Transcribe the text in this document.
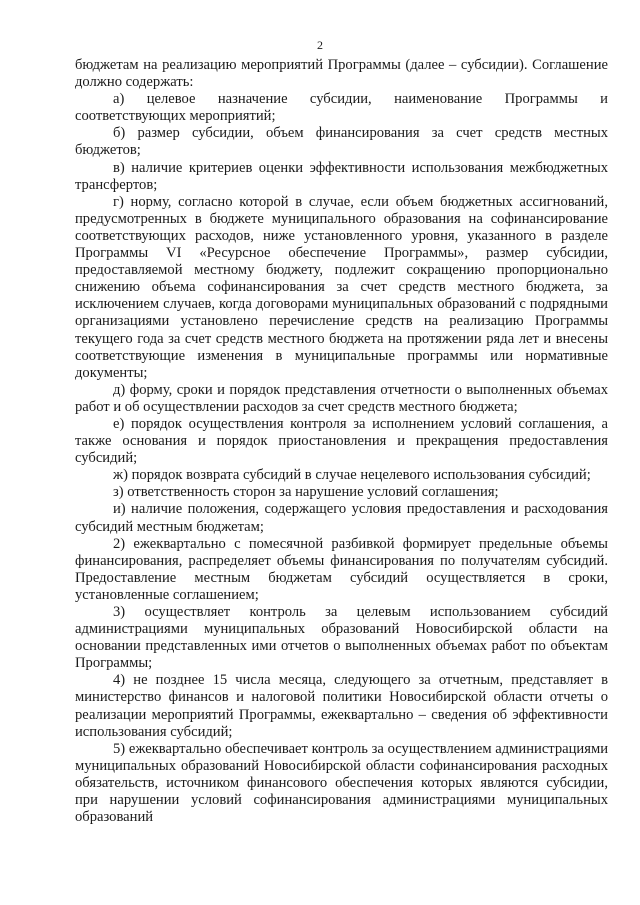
2

бюджетам на реализацию мероприятий Программы (далее – субсидии). Соглашение должно содержать:

а) целевое назначение субсидии, наименование Программы и соответствующих мероприятий;

б) размер субсидии, объем финансирования за счет средств местных бюджетов;

в) наличие критериев оценки эффективности использования межбюджетных трансфертов;

г) норму, согласно которой в случае, если объем бюджетных ассигнований, предусмотренных в бюджете муниципального образования на софинансирование соответствующих расходов, ниже установленного уровня, указанного в разделе Программы VI «Ресурсное обеспечение Программы», размер субсидии, предоставляемой местному бюджету, подлежит сокращению пропорционально снижению объема софинансирования за счет средств местного бюджета, за исключением случаев, когда договорами муниципальных образований с подрядными организациями установлено перечисление средств на реализацию Программы текущего года за счет средств местного бюджета на протяжении ряда лет и внесены соответствующие изменения в муниципальные программы или нормативные документы;

д) форму, сроки и порядок представления отчетности о выполненных объемах работ и об осуществлении расходов за счет средств местного бюджета;

е) порядок осуществления контроля за исполнением условий соглашения, а также основания и порядок приостановления и прекращения предоставления субсидий;

ж) порядок возврата субсидий в случае нецелевого использования субсидий;

з) ответственность сторон за нарушение условий соглашения;

и) наличие положения, содержащего условия предоставления и расходования субсидий местным бюджетам;

2) ежеквартально с помесячной разбивкой формирует предельные объемы финансирования, распределяет объемы финансирования по получателям субсидий. Предоставление местным бюджетам субсидий осуществляется в сроки, установленные соглашением;

3) осуществляет контроль за целевым использованием субсидий администрациями муниципальных образований Новосибирской области на основании представленных ими отчетов о выполненных объемах работ по объектам Программы;

4) не позднее 15 числа месяца, следующего за отчетным, представляет в министерство финансов и налоговой политики Новосибирской области отчеты о реализации мероприятий Программы, ежеквартально – сведения об эффективности использования субсидий;

5) ежеквартально обеспечивает контроль за осуществлением администрациями муниципальных образований Новосибирской области софинансирования расходных обязательств, источником финансового обеспечения которых являются субсидии, при нарушении условий софинансирования администрациями муниципальных образований
